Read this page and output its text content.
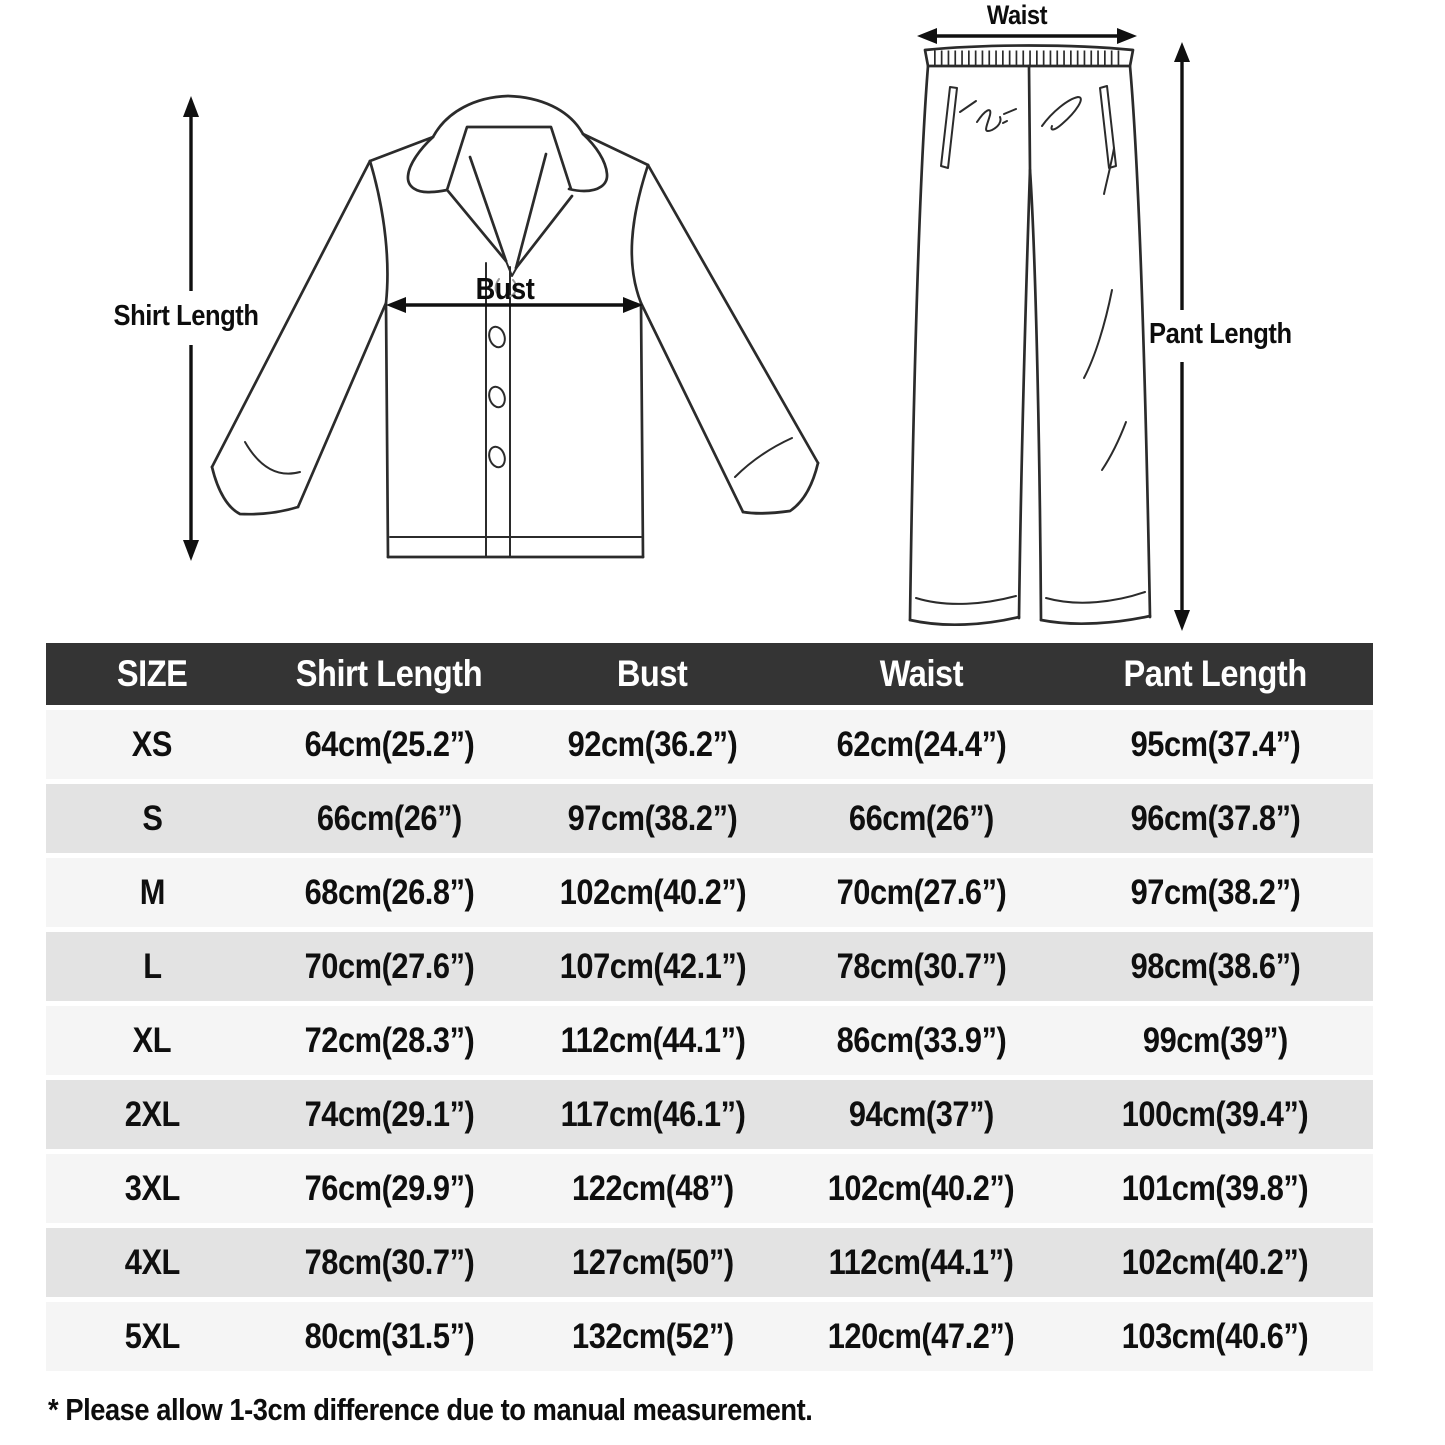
Shirt Length
Bust
Waist
Pant Length
SIZE	Shirt Length	Bust	Waist	Pant Length
XS	64cm(25.2”)	92cm(36.2”)	62cm(24.4”)	95cm(37.4”)
S	66cm(26”)	97cm(38.2”)	66cm(26”)	96cm(37.8”)
M	68cm(26.8”)	102cm(40.2”)	70cm(27.6”)	97cm(38.2”)
L	70cm(27.6”)	107cm(42.1”)	78cm(30.7”)	98cm(38.6”)
XL	72cm(28.3”)	112cm(44.1”)	86cm(33.9”)	99cm(39”)
2XL	74cm(29.1”)	117cm(46.1”)	94cm(37”)	100cm(39.4”)
3XL	76cm(29.9”)	122cm(48”)	102cm(40.2”)	101cm(39.8”)
4XL	78cm(30.7”)	127cm(50”)	112cm(44.1”)	102cm(40.2”)
5XL	80cm(31.5”)	132cm(52”)	120cm(47.2”)	103cm(40.6”)
* Please allow 1-3cm difference due to manual measurement.
